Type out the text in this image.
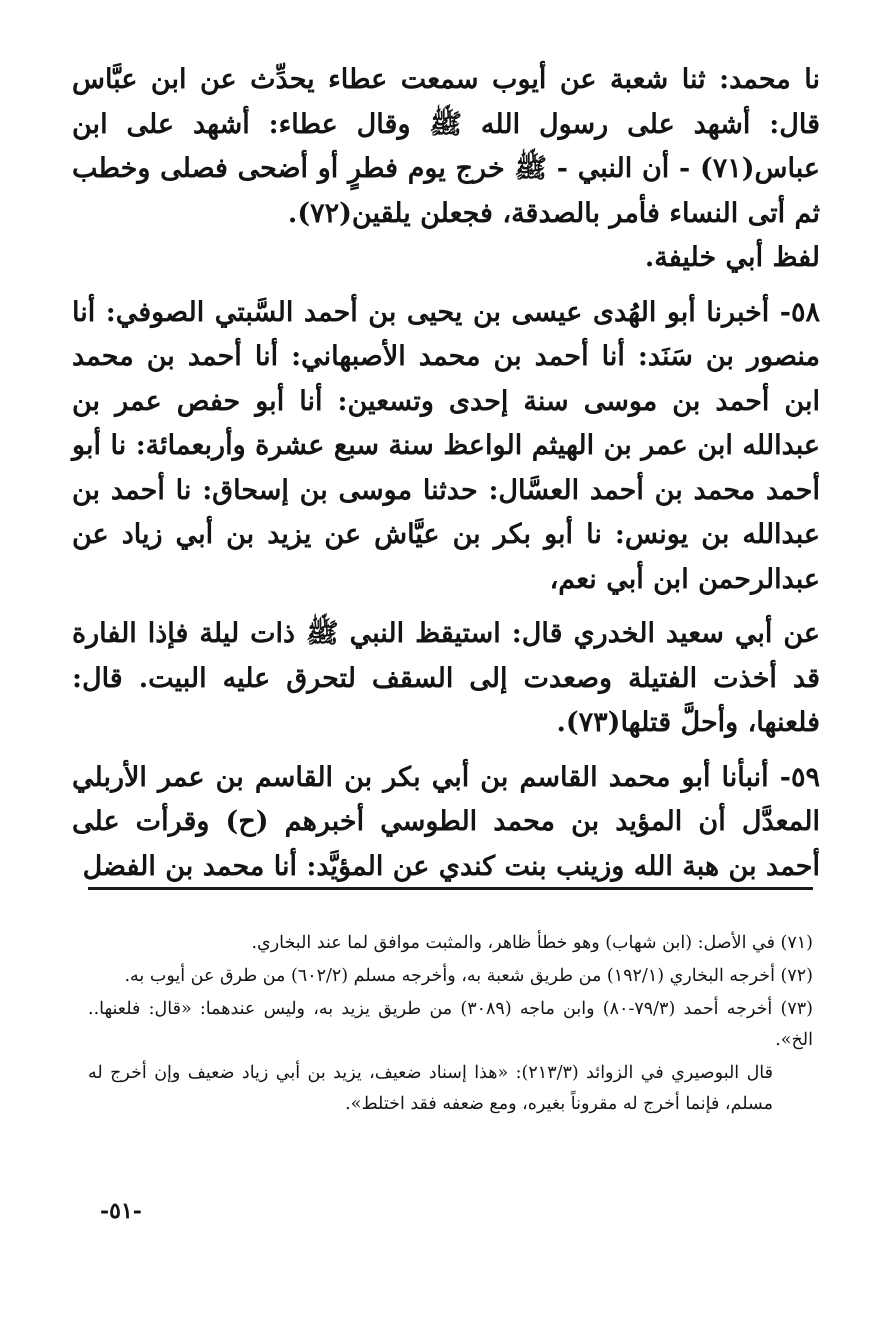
نا محمد: ثنا شعبة عن أيوب سمعت عطاء يحدِّث عن ابن عبَّاس قال: أشهد على رسول الله ﷺ وقال عطاء: أشهد على ابن عباس(٧١) - أن النبي - ﷺ خرج يوم فطرٍ أو أضحى فصلى وخطب ثم أتى النساء فأمر بالصدقة، فجعلن يلقين(٧٢).

لفظ أبي خليفة.

٥٨- أخبرنا أبو الهُدى عيسى بن يحيى بن أحمد السَّبتي الصوفي: أنا منصور بن سَنَد: أنا أحمد بن محمد الأصبهاني: أنا أحمد بن محمد ابن أحمد بن موسى سنة إحدى وتسعين: أنا أبو حفص عمر بن عبدالله ابن عمر بن الهيثم الواعظ سنة سبع عشرة وأربعمائة: نا أبو أحمد محمد بن أحمد العسَّال: حدثنا موسى بن إسحاق: نا أحمد بن عبدالله بن يونس: نا أبو بكر بن عيَّاش عن يزيد بن أبي زياد عن عبدالرحمن ابن أبي نعم،

عن أبي سعيد الخدري قال: استيقظ النبي ﷺ ذات ليلة فإذا الفارة قد أخذت الفتيلة وصعدت إلى السقف لتحرق عليه البيت. قال: فلعنها، وأحلَّ قتلها(٧٣).

٥٩- أنبأنا أبو محمد القاسم بن أبي بكر بن القاسم بن عمر الأربلي المعدَّل أن المؤيد بن محمد الطوسي أخبرهم (ح) وقرأت على أحمد بن هبة الله وزينب بنت كندي عن المؤيَّد: أنا محمد بن الفضل

(٧١) في الأصل: (ابن شهاب) وهو خطأ ظاهر، والمثبت موافق لما عند البخاري.

(٧٢) أخرجه البخاري (١٩٢/١) من طريق شعبة به، وأخرجه مسلم (٦٠٢/٢) من طرق عن أيوب به.

(٧٣) أخرجه أحمد (٧٩/٣-٨٠) وابن ماجه (٣٠٨٩) من طريق يزيد به، وليس عندهما: «قال: فلعنها.. الخ».

قال البوصيري في الزوائد (٢١٣/٣): «هذا إسناد ضعيف، يزيد بن أبي زياد ضعيف وإن أخرج له مسلم، فإنما أخرج له مقروناً بغيره، ومع ضعفه فقد اختلط».

-٥١-
